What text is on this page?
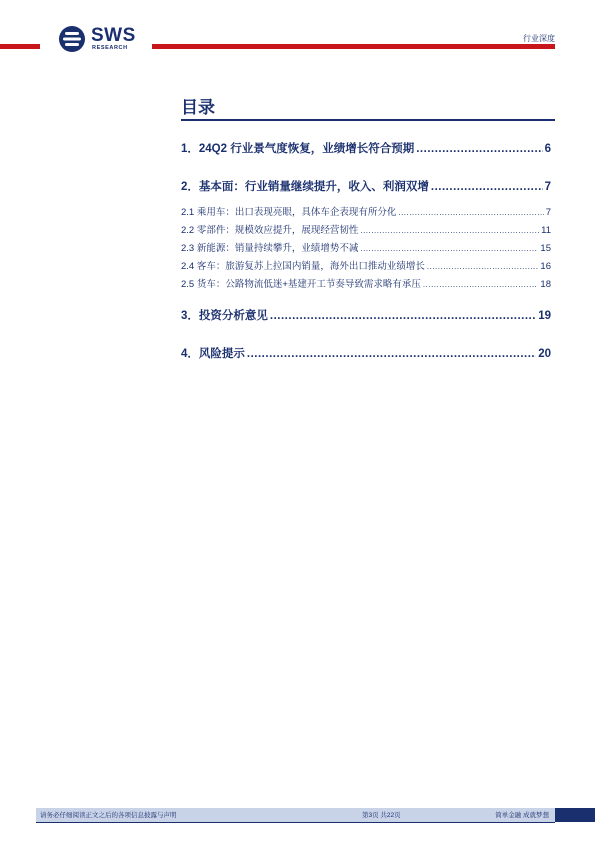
SWS
RESEARCH
行业深度
目录
1．24Q2 行业景气度恢复，业绩增长符合预期 .....	6
2．基本面：行业销量继续提升，收入、利润双增 .....	7
2.1 乘用车：出口表现亮眼，具体车企表现有所分化 .....	7
2.2 零部件：规模效应提升，展现经营韧性 .....	11
2.3 新能源：销量持续攀升，业绩增势不减 .....	15
2.4 客车：旅游复苏上拉国内销量，海外出口推动业绩增长 .....	16
2.5 货车：公路物流低迷+基建开工节奏导致需求略有承压 .....	18
3．投资分析意见 .....	19
4．风险提示 .....	20
请务必仔细阅读正文之后的各项信息披露与声明	第3页 共22页	简单金融 成就梦想
